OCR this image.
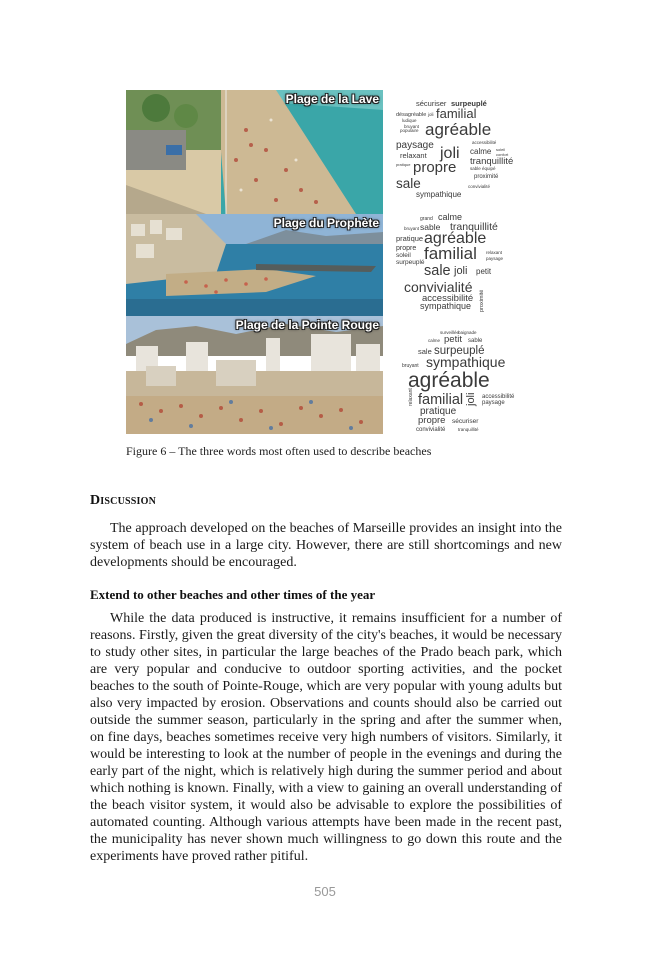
Plage de la Lave
Plage du Prophète
Plage de la Pointe Rouge
sécuriser surpeuplé
désagréable joli familial
ludique
bruyant
populaire agréable
paysage	accessibilité
calme soleil
confort
joli
relaxant
tranquillité
pratique propre	sable équipé
proximité
convivialité
sale
sympathique
grand calme
tranquillité
bruyant sable
pratique agréable
propre familial
soleil	relaxant
surpeuplé
paysage
sale joli petit
convivialité
accessibilité
sympathique proximité
surveillée
baignade
calme petit sable
sale surpeuplé
bruyant sympathique
agréable
familial	accessibilité
paysage
joli
relaxant
pratique
propre sécuriser
convivialité	tranquillité
Figure 6 – The three words most often used to describe beaches
Discussion

The approach developed on the beaches of Marseille provides an insight into the system of beach use in a large city. However, there are still shortcomings and new developments should be encouraged.

Extend to other beaches and other times of the year

While the data produced is instructive, it remains insufficient for a number of reasons. Firstly, given the great diversity of the city's beaches, it would be necessary to study other sites, in particular the large beaches of the Prado beach park, which are very popular and conducive to outdoor sporting activities, and the pocket beaches to the south of Pointe-Rouge, which are very popular with young adults but also very impacted by erosion. Observations and counts should also be carried out outside the summer season, particularly in the spring and after the summer when, on fine days, beaches sometimes receive very high numbers of visitors. Similarly, it would be interesting to look at the number of people in the evenings and during the early part of the night, which is relatively high during the summer period and about which nothing is known. Finally, with a view to gaining an overall understanding of the beach visitor system, it would also be advisable to explore the possibilities of automated counting. Although various attempts have been made in the recent past, the municipality has never shown much willingness to go down this route and the experiments have proved rather pitiful.

505
